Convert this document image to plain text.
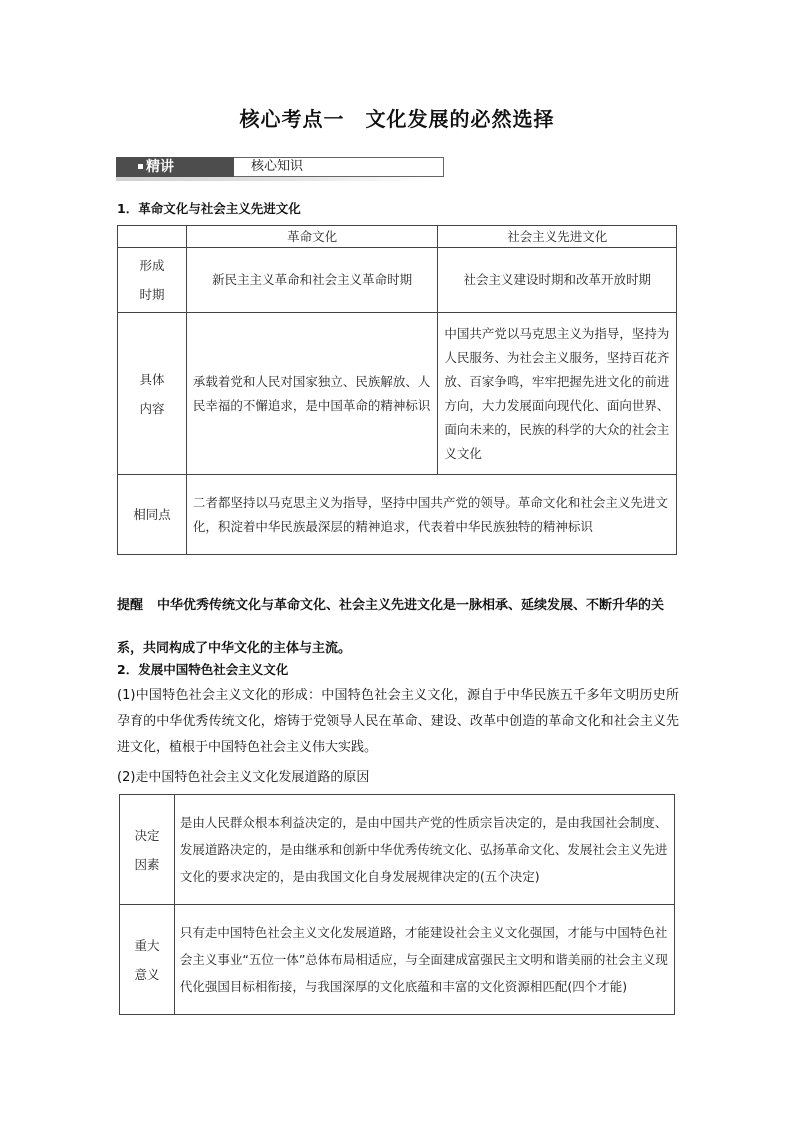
核心考点一　文化发展的必然选择
精讲	核心知识
1．革命文化与社会主义先进文化
	革命文化	社会主义先进文化
形成
时期	新民主主义革命和社会主义革命时期	社会主义建设时期和改革开放时期
具体
内容	承载着党和人民对国家独立、民族解放、人民幸福的不懈追求，是中国革命的精神标识	中国共产党以马克思主义为指导，坚持为人民服务、为社会主义服务，坚持百花齐放、百家争鸣，牢牢把握先进文化的前进方向，大力发展面向现代化、面向世界、面向未来的，民族的科学的大众的社会主义文化
相同点	二者都坚持以马克思主义为指导，坚持中国共产党的领导。革命文化和社会主义先进文化，积淀着中华民族最深层的精神追求，代表着中华民族独特的精神标识	
提醒 中华优秀传统文化与革命文化、社会主义先进文化是一脉相承、延续发展、不断升华的关系，共同构成了中华文化的主体与主流。
2．发展中国特色社会主义文化
(1)中国特色社会主义文化的形成：中国特色社会主义文化，源自于中华民族五千多年文明历史所孕育的中华优秀传统文化，熔铸于党领导人民在革命、建设、改革中创造的革命文化和社会主义先进文化，植根于中国特色社会主义伟大实践。
(2)走中国特色社会主义文化发展道路的原因
决定
因素	是由人民群众根本利益决定的，是由中国共产党的性质宗旨决定的，是由我国社会制度、发展道路决定的，是由继承和创新中华优秀传统文化、弘扬革命文化、发展社会主义先进文化的要求决定的，是由我国文化自身发展规律决定的(五个决定)
重大
意义	只有走中国特色社会主义文化发展道路，才能建设社会主义文化强国，才能与中国特色社会主义事业“五位一体”总体布局相适应，与全面建成富强民主文明和谐美丽的社会主义现代化强国目标相衔接，与我国深厚的文化底蕴和丰富的文化资源相匹配(四个才能)
